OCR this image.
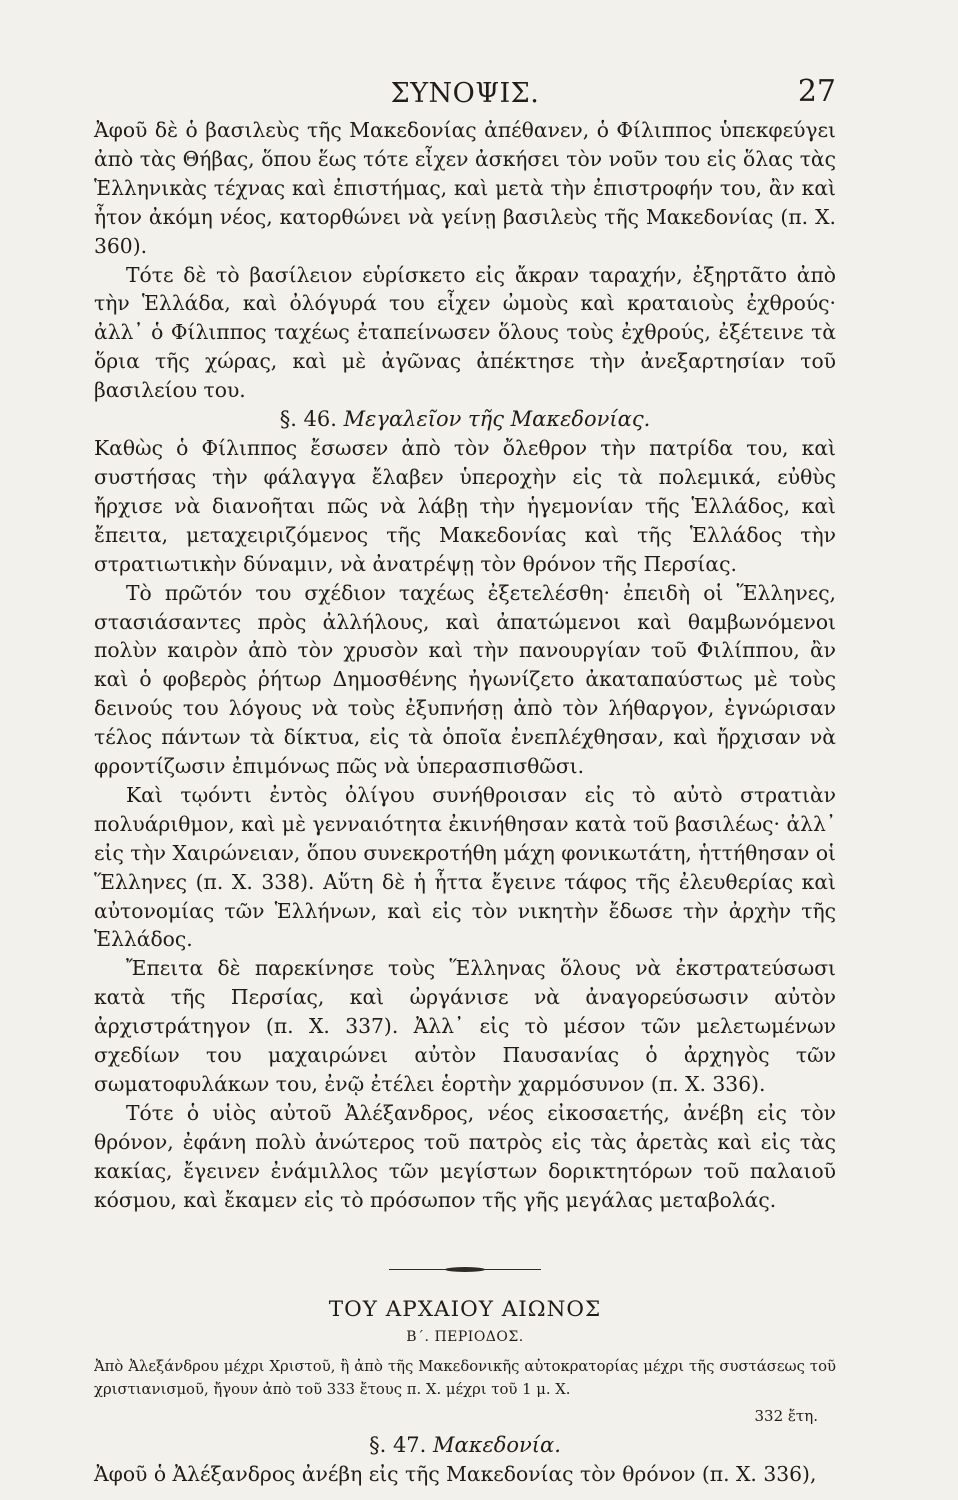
ΣΥΝΟΨΙΣ.	27

Ἀφοῦ δὲ ὁ βασιλεὺς τῆς Μακεδονίας ἀπέθανεν, ὁ Φίλιππος ὑπεκφεύγει ἀπὸ τὰς Θήβας, ὅπου ἕως τότε εἶχεν ἀσκήσει τὸν νοῦν του εἰς ὅλας τὰς Ἑλληνικὰς τέχνας καὶ ἐπιστήμας, καὶ μετὰ τὴν ἐπιστροφήν του, ἂν καὶ ἦτον ἀκόμη νέος, κατορθώνει νὰ γείνῃ βασιλεὺς τῆς Μακεδονίας (π. Χ. 360).

Τότε δὲ τὸ βασίλειον εὑρίσκετο εἰς ἄκραν ταραχήν, ἐξηρτᾶτο ἀπὸ τὴν Ἑλλάδα, καὶ ὀλόγυρά του εἶχεν ὠμοὺς καὶ κραταιοὺς ἐχθρούς· ἀλλ᾽ ὁ Φίλιππος ταχέως ἐταπείνωσεν ὅλους τοὺς ἐχθρούς, ἐξέτεινε τὰ ὅρια τῆς χώρας, καὶ μὲ ἀγῶνας ἀπέκτησε τὴν ἀνεξαρτησίαν τοῦ βασιλείου του.

§. 46. Μεγαλεῖον τῆς Μακεδονίας.

Καθὼς ὁ Φίλιππος ἔσωσεν ἀπὸ τὸν ὄλεθρον τὴν πατρίδα του, καὶ συστήσας τὴν φάλαγγα ἔλαβεν ὑπεροχὴν εἰς τὰ πολεμικά, εὐθὺς ἤρχισε νὰ διανοῆται πῶς νὰ λάβῃ τὴν ἡγεμονίαν τῆς Ἑλλάδος, καὶ ἔπειτα, μεταχειριζόμενος τῆς Μακεδονίας καὶ τῆς Ἑλλάδος τὴν στρατιωτικὴν δύναμιν, νὰ ἀνατρέψῃ τὸν θρόνον τῆς Περσίας.

Τὸ πρῶτόν του σχέδιον ταχέως ἐξετελέσθη· ἐπειδὴ οἱ Ἕλληνες, στασιάσαντες πρὸς ἀλλήλους, καὶ ἀπατώμενοι καὶ θαμβωνόμενοι πολὺν καιρὸν ἀπὸ τὸν χρυσὸν καὶ τὴν πανουργίαν τοῦ Φιλίππου, ἂν καὶ ὁ φοβερὸς ῥήτωρ Δημοσθένης ἠγωνίζετο ἀκαταπαύστως μὲ τοὺς δεινούς του λόγους νὰ τοὺς ἐξυπνήσῃ ἀπὸ τὸν λήθαργον, ἐγνώρισαν τέλος πάντων τὰ δίκτυα, εἰς τὰ ὁποῖα ἐνεπλέχθησαν, καὶ ἤρχισαν νὰ φροντίζωσιν ἐπιμόνως πῶς νὰ ὑπερασπισθῶσι.

Καὶ τῳόντι ἐντὸς ὀλίγου συνήθροισαν εἰς τὸ αὐτὸ στρατιὰν πολυάριθμον, καὶ μὲ γενναιότητα ἐκινήθησαν κατὰ τοῦ βασιλέως· ἀλλ᾽ εἰς τὴν Χαιρώνειαν, ὅπου συνεκροτήθη μάχη φονικωτάτη, ἡττήθησαν οἱ Ἕλληνες (π. Χ. 338). Αὕτη δὲ ἡ ἧττα ἔγεινε τάφος τῆς ἐλευθερίας καὶ αὐτονομίας τῶν Ἑλλήνων, καὶ εἰς τὸν νικητὴν ἔδωσε τὴν ἀρχὴν τῆς Ἑλλάδος.

Ἔπειτα δὲ παρεκίνησε τοὺς Ἕλληνας ὅλους νὰ ἐκστρατεύσωσι κατὰ τῆς Περσίας, καὶ ὠργάνισε νὰ ἀναγορεύσωσιν αὐτὸν ἀρχιστράτηγον (π. Χ. 337). Ἀλλ᾽ εἰς τὸ μέσον τῶν μελετωμένων σχεδίων του μαχαιρώνει αὐτὸν Παυσανίας ὁ ἀρχηγὸς τῶν σωματοφυλάκων του, ἐνῷ ἐτέλει ἑορτὴν χαρμόσυνον (π. Χ. 336).

Τότε ὁ υἱὸς αὐτοῦ Ἀλέξανδρος, νέος εἰκοσαετής, ἀνέβη εἰς τὸν θρόνον, ἐφάνη πολὺ ἀνώτερος τοῦ πατρὸς εἰς τὰς ἀρετὰς καὶ εἰς τὰς κακίας, ἔγεινεν ἐνάμιλλος τῶν μεγίστων δορικτητόρων τοῦ παλαιοῦ κόσμου, καὶ ἔκαμεν εἰς τὸ πρόσωπον τῆς γῆς μεγάλας μεταβολάς.

ΤΟΥ ΑΡΧΑΙΟΥ ΑΙΩΝΟΣ
Β΄. ΠΕΡΙΟΔΟΣ.

Ἀπὸ Ἀλεξάνδρου μέχρι Χριστοῦ, ἢ ἀπὸ τῆς Μακεδονικῆς αὐτοκρατορίας μέχρι τῆς συστάσεως τοῦ χριστιανισμοῦ, ἤγουν ἀπὸ τοῦ 333 ἔτους π. Χ. μέχρι τοῦ 1 μ. Χ.

332 ἔτη.
§. 47. Μακεδονία.

Ἀφοῦ ὁ Ἀλέξανδρος ἀνέβη εἰς τῆς Μακεδονίας τὸν θρόνον (π. Χ. 336),
